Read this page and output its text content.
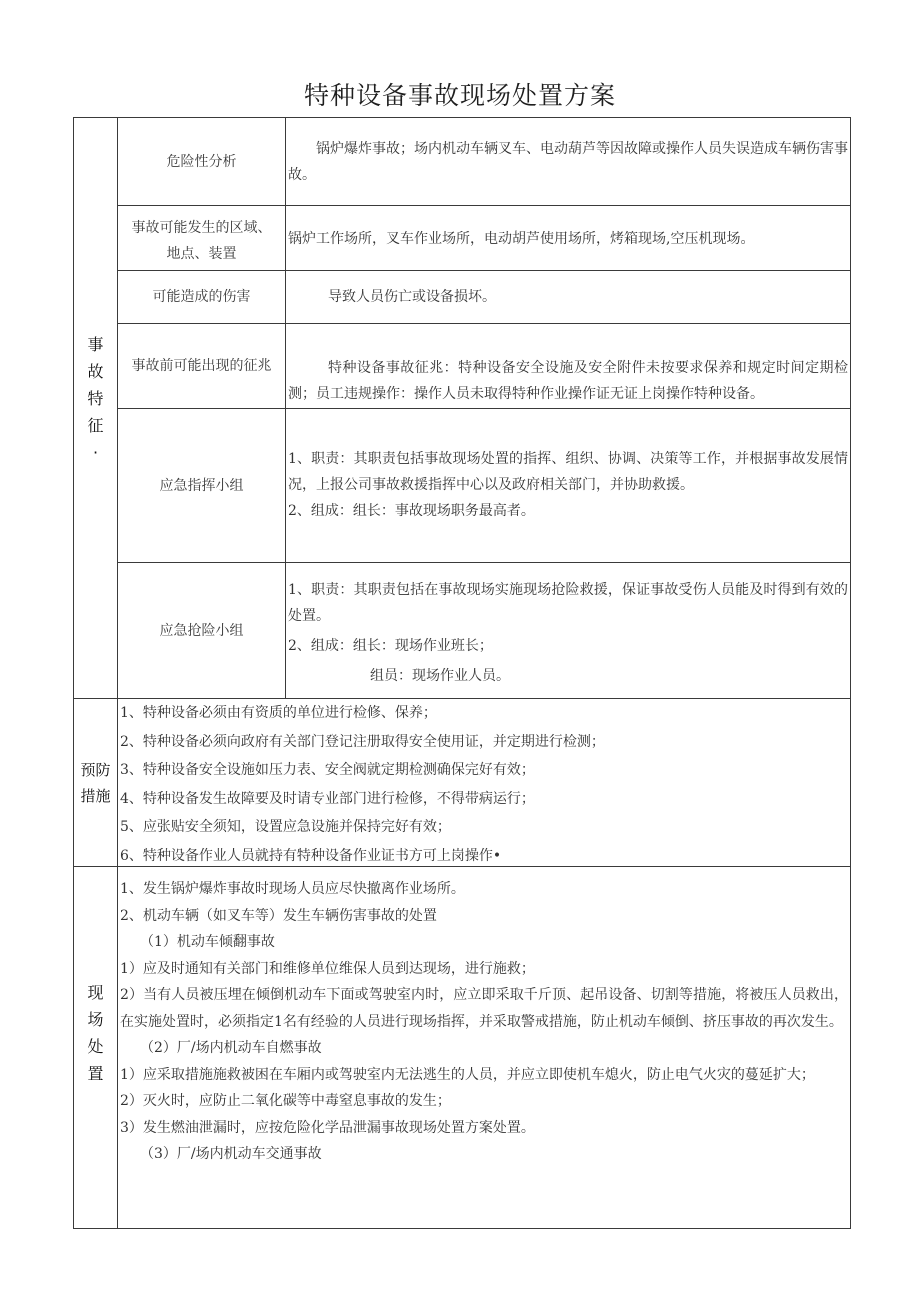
特种设备事故现场处置方案
事
故
特
征
·
危险性分析

锅炉爆炸事故；场内机动车辆叉车、电动葫芦等因故障或操作人员失误造成车辆伤害事故。

事故可能发生的区域、地点、装置

锅炉工作场所，叉车作业场所，电动胡芦使用场所，烤箱现场,空压机现场。

可能造成的伤害	导致人员伤亡或设备损坏。

事故前可能出现的征兆	特种设备事故征兆：特种设备安全设施及安全附件未按要求保养和规定时间定期检测；员工违规操作：操作人员未取得特种作业操作证无证上岗操作特种设备。

应急指挥小组

1、职责：其职责包括事故现场处置的指挥、组织、协调、决策等工作，并根据事故发展情况，上报公司事故救援指挥中心以及政府相关部门，并协助救援。

2、组成：组长：事故现场职务最高者。

应急抢险小组

1、职责：其职责包括在事故现场实施现场抢险救援，保证事故受伤人员能及时得到有效的处置。

2、组成：组长：现场作业班长；

组员：现场作业人员。

预防
措施

1、特种设备必须由有资质的单位进行检修、保养；

2、特种设备必须向政府有关部门登记注册取得安全使用证，并定期进行检测；

3、特种设备安全设施如压力表、安全阀就定期检测确保完好有效；

4、特种设备发生故障要及时请专业部门进行检修，不得带病运行；

5、应张贴安全须知，设置应急设施并保持完好有效；

6、特种设备作业人员就持有特种设备作业证书方可上岗操作•

现
场
处
置

1、发生锅炉爆炸事故时现场人员应尽快撤离作业场所。

2、机动车辆（如叉车等）发生车辆伤害事故的处置

（1）机动车倾翻事故

1）应及时通知有关部门和维修单位维保人员到达现场，进行施救；

2）当有人员被压埋在倾倒机动车下面或驾驶室内时，应立即采取千斤顶、起吊设备、切割等措施，将被压人员救出，在实施处置时，必须指定1名有经验的人员进行现场指挥，并采取警戒措施，防止机动车倾倒、挤压事故的再次发生。

（2）厂/场内机动车自燃事故

1）应采取措施施救被困在车厢内或驾驶室内无法逃生的人员，并应立即使机车熄火，防止电气火灾的蔓延扩大；

2）灭火时，应防止二氧化碳等中毒窒息事故的发生；

3）发生燃油泄漏时，应按危险化学品泄漏事故现场处置方案处置。

（3）厂/场内机动车交通事故
